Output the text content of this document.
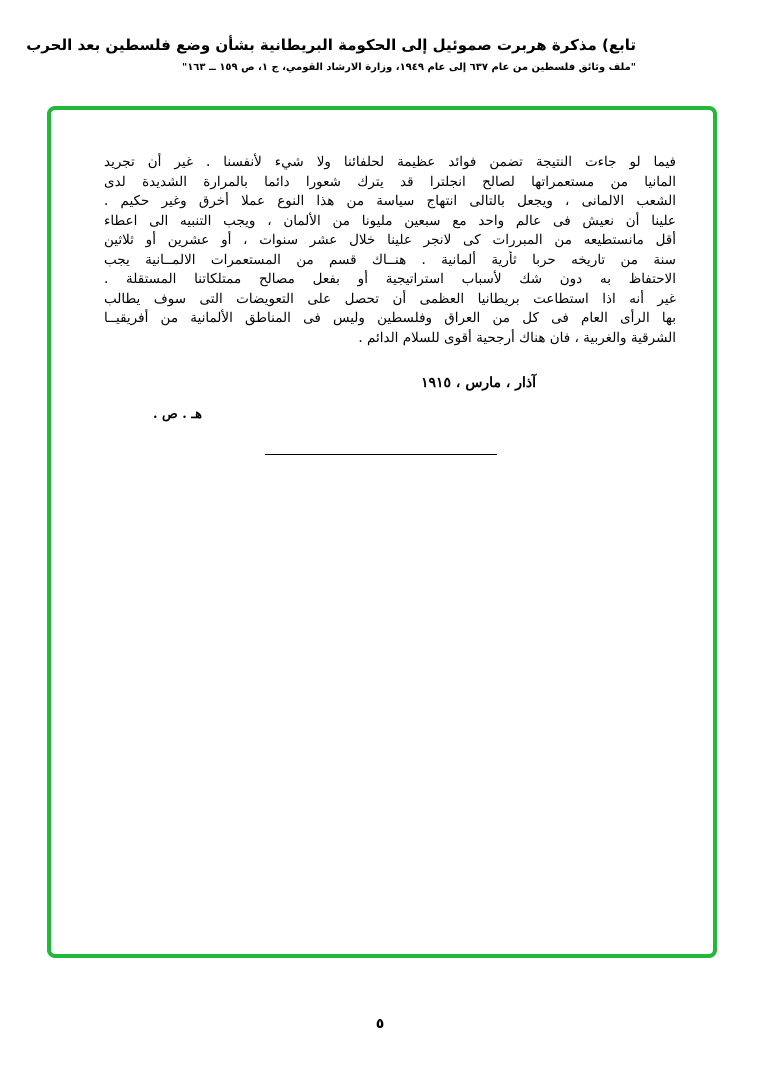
تابع) مذكرة هربرت صموئيل إلى الحكومة البريطانية بشأن وضع فلسطين بعد الحرب
"ملف وثائق فلسطين من عام ٦٣٧ إلى عام ١٩٤٩، وزارة الارشاد القومي، ج ١، ص ١٥٩ ــ ١٦٣"
فيما لو جاءت النتيجة تضمن فوائد عظيمة لحلفائنا ولا شيء لأنفسنا . غير أن تجريد
المانيا من مستعمراتها لصالح انجلترا قد يترك شعورا دائما بالمرارة الشديدة لدى
الشعب الالمانى ، ويجعل بالتالى انتهاج سياسة من هذا النوع عملا أخرق وغير حكيم .
علينا أن نعيش فى عالم واحد مع سبعين مليونا من الألمان ، ويجب التنبيه الى اعطاء
أقل مانستطيعه من المبررات كى لانجر علينا خلال عشر سنوات ، أو عشرين أو ثلاثين
سنة من تاريخه حربا ثأرية ألمانية . هنــاك قسم من المستعمرات الالمــانية يجب
الاحتفاظ به دون شك لأسباب استراتيجية أو بفعل مصالح ممتلكاتنا المستقلة .
غير أنه اذا استطاعت بريطانيا العظمى أن تحصل على التعويضات التى سوف يطالب
بها الرأى العام فى كل من العراق وفلسطين وليس فى المناطق الألمانية من أفريقيــا
الشرقية والغربية ، فان هناك أرجحية أقوى للسلام الدائم .
آذار ، مارس ، ١٩١٥
هـ . ص .
٥
